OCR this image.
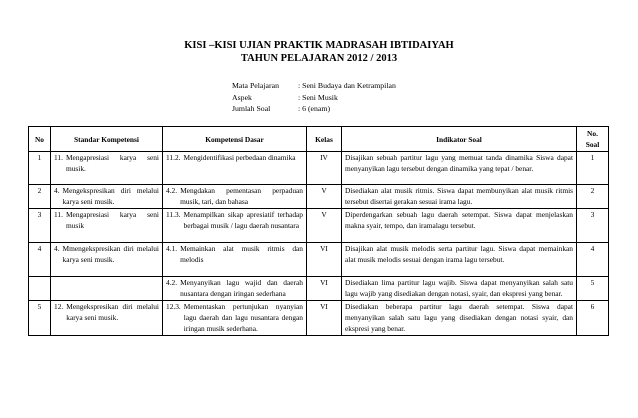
KISI –KISI UJIAN PRAKTIK MADRASAH IBTIDAIYAH
TAHUN PELAJARAN 2012 / 2013
Mata Pelajaran : Seni Budaya dan Ketrampilan
Aspek	: Seni Musik
Jumlah Soal	: 6 (enam)
No	Standar Kompetensi	Kompetensi Dasar	Kelas	Indikator Soal	No. Soal
1	11. Mengapresiasi karya seni musik.	11.2. Mengidentifikasi perbedaan dinamika	IV	Disajikan sebuah partitur lagu yang memuat tanda dinamika Siswa dapat menyanyikan lagu tersebut dengan dinamika yang tepat / benar.	1
2	4. Mengekspresikan diri melalui karya seni musik.	4.2. Mengdakan pementasan perpaduan musik, tari, dan bahasa	V	Disediakan alat musik ritmis. Siswa dapat membunyikan alat musik ritmis tersebut disertai gerakan sesuai irama lagu.	2
3	11. Mengapresiasi karya seni musik	11.3. Menampilkan sikap apresiatif terhadap berbagai musik / lagu daerah nusantara	V	Diperdengarkan sebuah lagu daerah setempat. Siswa dapat menjelaskan makna syair, tempo, dan iramalagu tersebut.	3
4	4. Mmengekspresikan diri melalui karya seni musik.	4.1. Memainkan alat musik ritmis dan melodis	VI	Disajikan alat musik melodis serta partitur lagu. Siswa dapat memainkan alat musik melodis sesuai dengan irama lagu tersebut.	4

		4.2. Menyanyikan lagu wajid dan daerah nusantara dengan iringan sederhana	VI	Disediakan lima partitur lagu wajib. Siswa dapat menyanyikan salah satu lagu wajib yang disediakan dengan notasi, syair, dan ekspresi yang benar.	5
5	12. Mengekspresikan diri melalui karya seni musik.	12.3. Mementaskan pertunjukan nyanyian lagu daerah dan lagu nusantara dengan iringan musik sederhana.	VI	Disediakan beberapa partitur lagu daerah setempat. Siswa dapat menyanyikan salah satu lagu yang disediakan dengan notasi syair, dan ekspresi yang benar.	6
